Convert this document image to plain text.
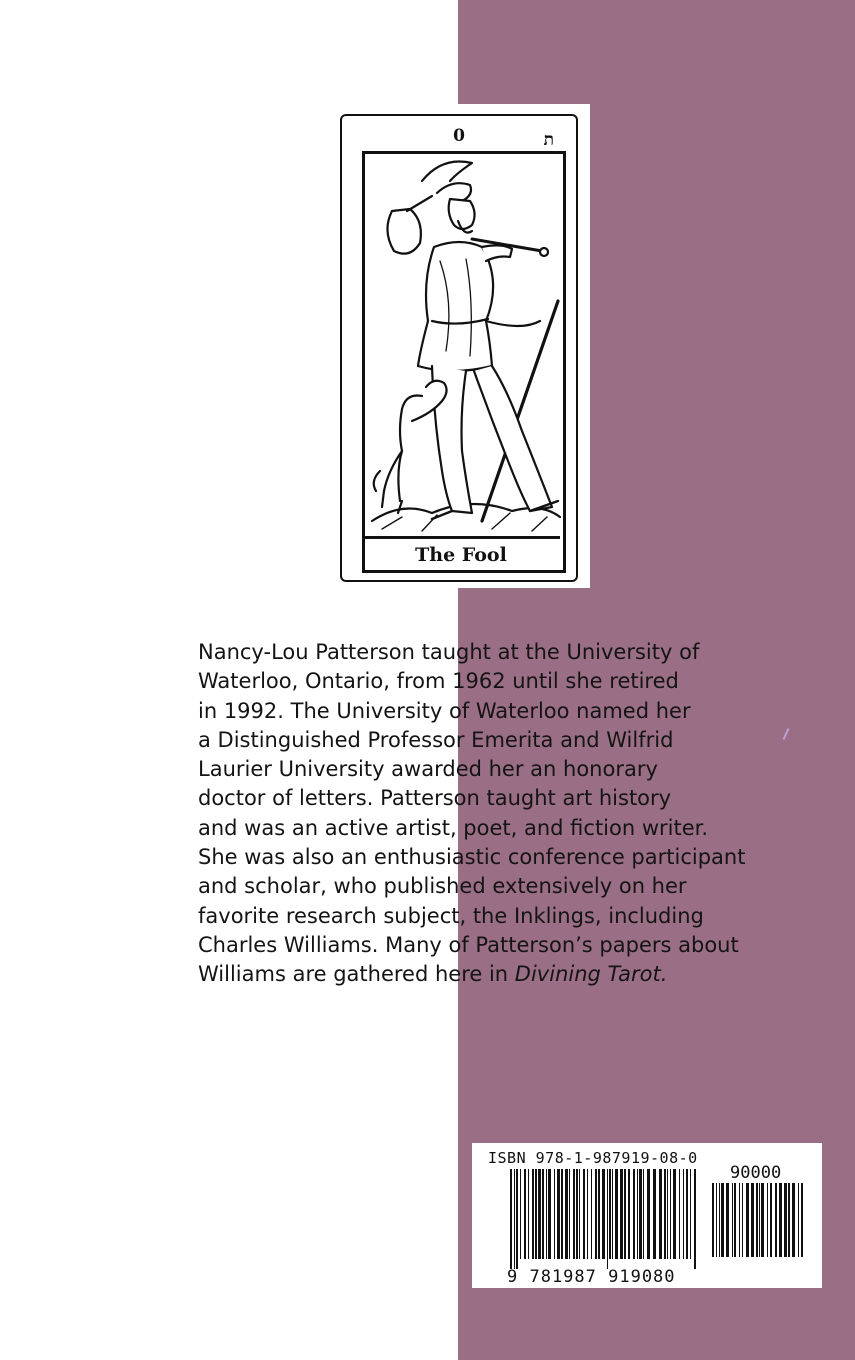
0	ת
The Fool
Nancy-Lou Patterson taught at the University of
Waterloo, Ontario, from 1962 until she retired
in 1992. The University of Waterloo named her
a Distinguished Professor Emerita and Wilfrid
Laurier University awarded her an honorary
doctor of letters. Patterson taught art history
and was an active artist, poet, and fiction writer.
She was also an enthusiastic conference participant
and scholar, who published extensively on her
favorite research subject, the Inklings, including
Charles Williams. Many of Patterson’s papers about
Williams are gathered here in Divining Tarot.
ISBN 978-1-987919-08-0
90000
9 781987 919080
